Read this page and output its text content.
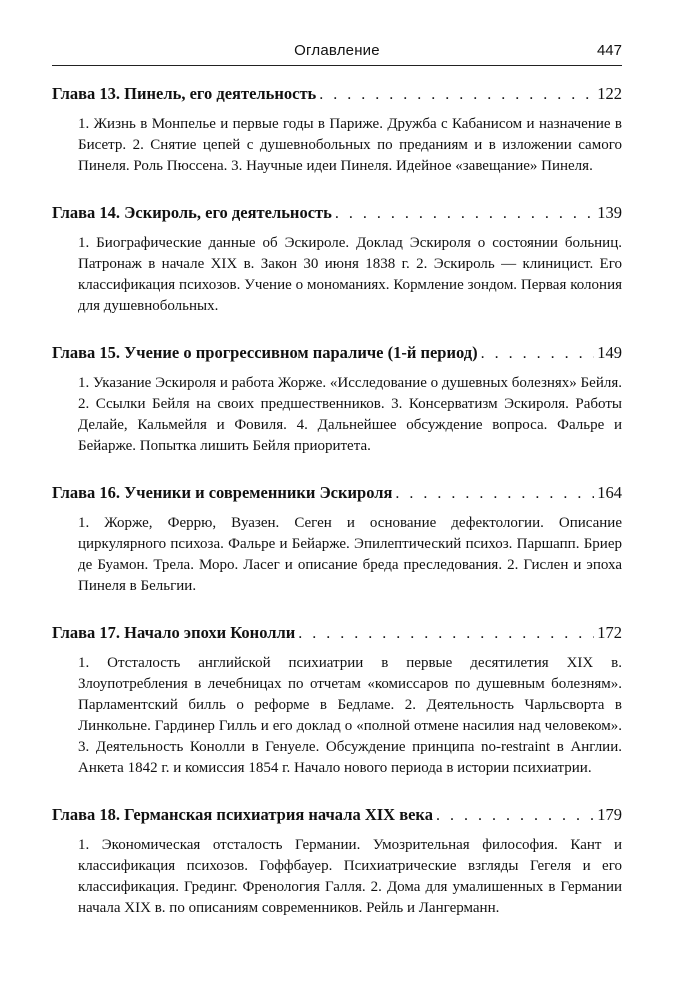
Оглавление	447
Глава 13. Пинель, его деятельность . . .	122

1. Жизнь в Монпелье и первые годы в Париже. Дружба с Кабанисом и назначение в Бисетр. 2. Снятие цепей с душевнобольных по преданиям и в изложении самого Пинеля. Роль Пюссена. 3. Научные идеи Пинеля. Идейное «завещание» Пинеля.

Глава 14. Эскироль, его деятельность . . .	139

1. Биографические данные об Эскироле. Доклад Эскироля о состоянии больниц. Патронаж в начале XIX в. Закон 30 июня 1838 г. 2. Эскироль — клиницист. Его классификация психозов. Учение о мономаниях. Кормление зондом. Первая колония для душевнобольных.

Глава 15. Учение о прогрессивном параличе (1-й период) . . .	149

1. Указание Эскироля и работа Жорже. «Исследование о душевных болезнях» Бейля. 2. Ссылки Бейля на своих предшественников. 3. Консерватизм Эскироля. Работы Делайе, Кальмейля и Фовиля. 4. Дальнейшее обсуждение вопроса. Фальре и Бейарже. Попытка лишить Бейля приоритета.

Глава 16. Ученики и современники Эскироля . . .	164

1. Жорже, Феррю, Вуазен. Сеген и основание дефектологии. Описание циркулярного психоза. Фальре и Бейарже. Эпилептический психоз. Паршапп. Бриер де Буамон. Трела. Моро. Ласег и описание бреда преследования. 2. Гислен и эпоха Пинеля в Бельгии.

Глава 17. Начало эпохи Конолли . . .	172

1. Отсталость английской психиатрии в первые десятилетия XIX в. Злоупотребления в лечебницах по отчетам «комиссаров по душевным болезням». Парламентский билль о реформе в Бедламе. 2. Деятельность Чарльсворта в Линкольне. Гардинер Гилль и его доклад о «полной отмене насилия над человеком». 3. Деятельность Конолли в Генуеле. Обсуждение принципа no-restraint в Англии. Анкета 1842 г. и комиссия 1854 г. Начало нового периода в истории психиатрии.

Глава 18. Германская психиатрия начала XIX века . . .	179

1. Экономическая отсталость Германии. Умозрительная философия. Кант и классификация психозов. Гоффбауер. Психиатрические взгляды Гегеля и его классификация. Грединг. Френология Галля. 2. Дома для умалишенных в Германии начала XIX в. по описаниям современников. Рейль и Лангерманн.
